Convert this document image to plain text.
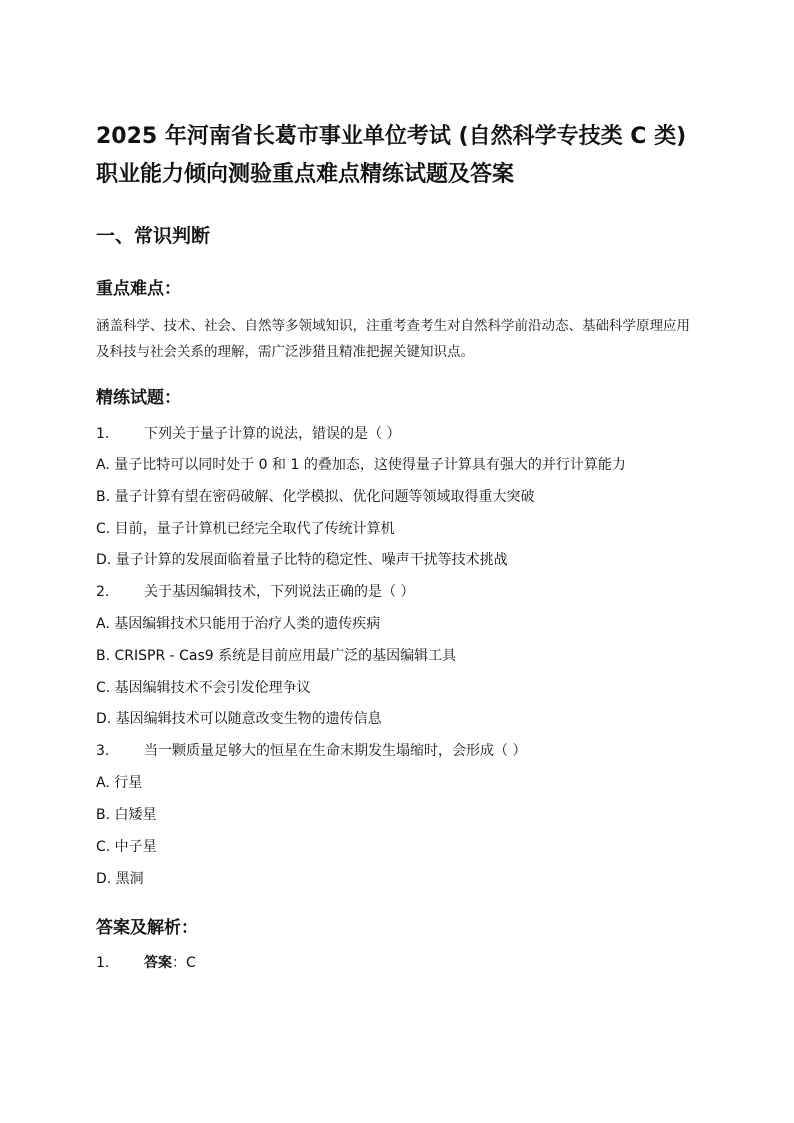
2025 年河南省长葛市事业单位考试 (自然科学专技类 C 类) 职业能力倾向测验重点难点精练试题及答案
一、常识判断
重点难点：

涵盖科学、技术、社会、自然等多领域知识，注重考查考生对自然科学前沿动态、基础科学原理应用及科技与社会关系的理解，需广泛涉猎且精准把握关键知识点。

精练试题：
1. 下列关于量子计算的说法，错误的是（ ）
A. 量子比特可以同时处于 0 和 1 的叠加态，这使得量子计算具有强大的并行计算能力
B. 量子计算有望在密码破解、化学模拟、优化问题等领域取得重大突破
C. 目前，量子计算机已经完全取代了传统计算机
D. 量子计算的发展面临着量子比特的稳定性、噪声干扰等技术挑战
2. 关于基因编辑技术，下列说法正确的是（ ）
A. 基因编辑技术只能用于治疗人类的遗传疾病
B. CRISPR - Cas9 系统是目前应用最广泛的基因编辑工具
C. 基因编辑技术不会引发伦理争议
D. 基因编辑技术可以随意改变生物的遗传信息
3. 当一颗质量足够大的恒星在生命末期发生塌缩时，会形成（ ）
A. 行星
B. 白矮星
C. 中子星
D. 黑洞
答案及解析：
1. 答案：C
